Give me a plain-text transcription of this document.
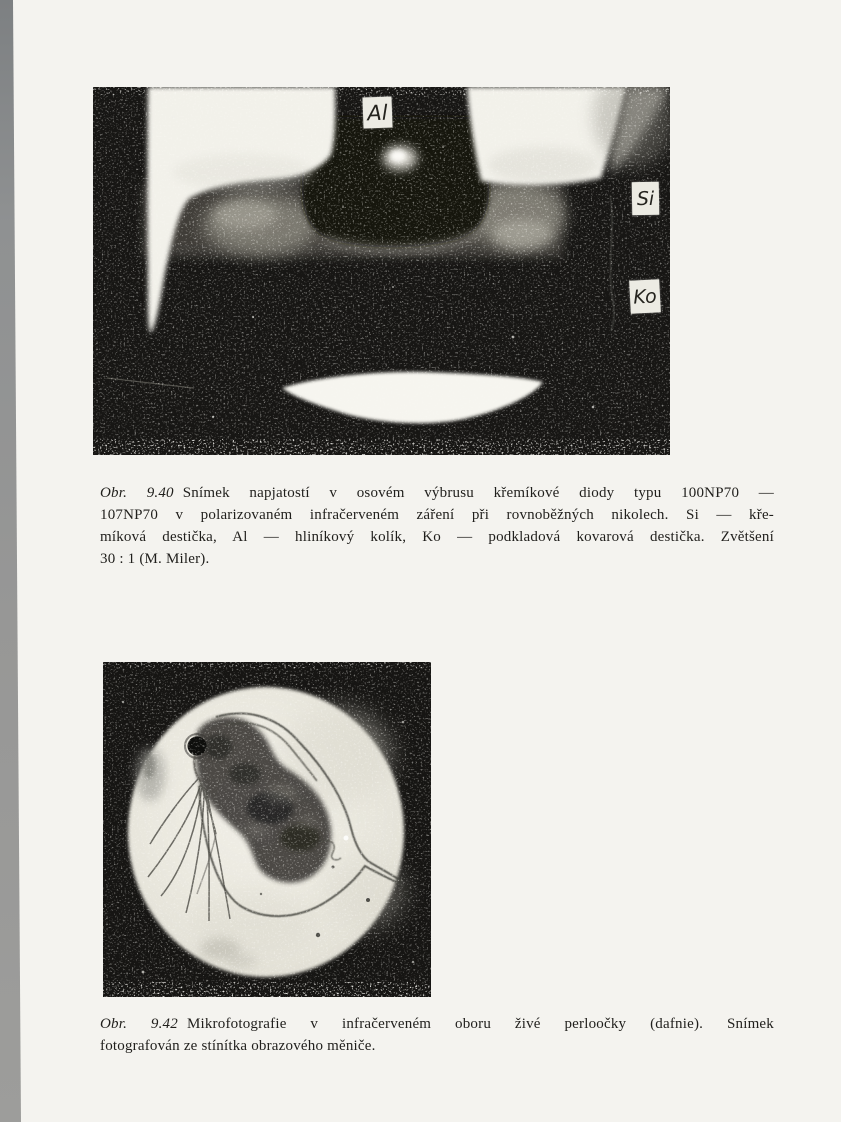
Al
Si
Ko
Obr. 9.40 Snímek napjatostí v osovém výbrusu křemíkové diody typu 100NP70 —
107NP70 v polarizovaném infračerveném záření při rovnoběžných nikolech. Si — kře-
míková destička, Al — hliníkový kolík, Ko — podkladová kovarová destička. Zvětšení
30 : 1 (M. Miler).
Obr. 9.42 Mikrofotografie v infračerveném oboru živé perloočky (dafnie). Snímek
fotografován ze stínítka obrazového měniče.
